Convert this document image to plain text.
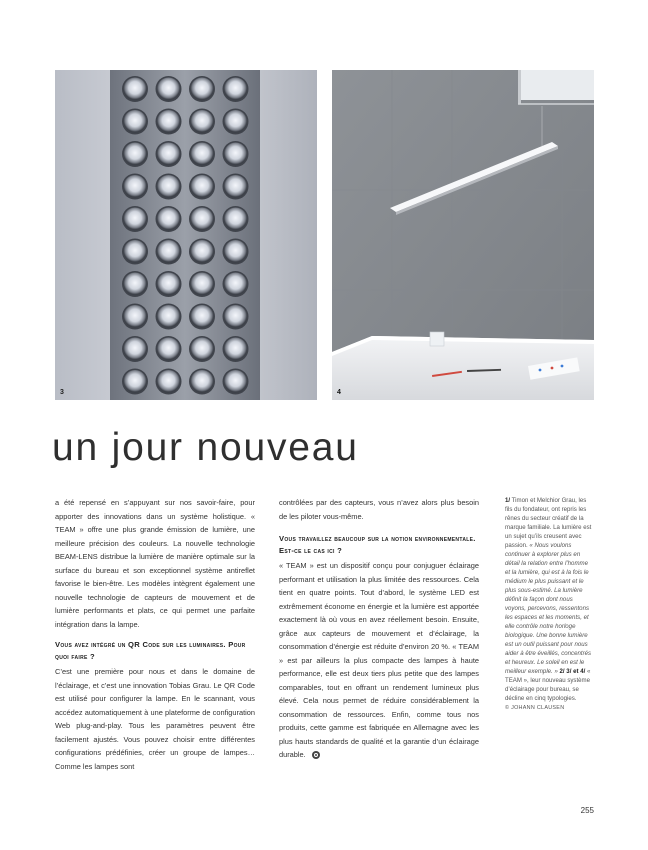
3	4
un jour nouveau

a été repensé en s’appuyant sur nos savoir-faire, pour apporter des innovations dans un système holistique. « TEAM » offre une plus grande émission de lumière, une meilleure précision des couleurs. La nouvelle technologie BEAM-LENS distribue la lumière de manière optimale sur la surface du bureau et son exceptionnel système antireflet favorise le bien-être. Les modèles intègrent également une nouvelle technologie de capteurs de mouvement et de lumière performants et plats, ce qui permet une parfaite intégration dans la lampe.

Vous avez intégré un QR Code sur les luminaires. Pour quoi faire ?

C’est une première pour nous et dans le domaine de l’éclairage, et c’est une innovation Tobias Grau. Le QR Code est utilisé pour configurer la lampe. En le scannant, vous accédez automatiquement à une plateforme de configuration Web plug-and-play. Tous les paramètres peuvent être facilement ajustés. Vous pouvez choisir entre différentes configurations prédéfinies, créer un groupe de lampes… Comme les lampes sont

contrôlées par des capteurs, vous n’avez alors plus besoin de les piloter vous-même.

Vous travaillez beaucoup sur la notion environnementale. Est-ce le cas ici ?

« TEAM » est un dispositif conçu pour conjuguer éclairage performant et utilisation la plus limitée des ressources. Cela tient en quatre points. Tout d’abord, le système LED est extrêmement économe en énergie et la lumière est apportée exactement là où vous en avez réellement besoin. Ensuite, grâce aux capteurs de mouvement et d’éclairage, la consommation d’énergie est réduite d’environ 20 %. « TEAM » est par ailleurs la plus compacte des lampes à haute performance, elle est deux tiers plus petite que des lampes comparables, tout en offrant un rendement lumineux plus élevé. Cela nous permet de réduire considérablement la consommation de ressources. Enfin, comme tous nos produits, cette gamme est fabriquée en Allemagne avec les plus hauts standards de qualité et la garantie d’un éclairage durable.

1/ Timon et Melchior Grau, les fils du fondateur, ont repris les rênes du secteur créatif de la marque familiale. La lumière est un sujet qu’ils creusent avec passion. « Nous voulons continuer à explorer plus en détail la relation entre l’homme et la lumière, qui est à la fois le médium le plus puissant et le plus sous-estimé. La lumière définit la façon dont nous voyons, percevons, ressentons les espaces et les moments, et elle contrôle notre horloge biologique. Une bonne lumière est un outil puissant pour nous aider à être éveillés, concentrés et heureux. Le soleil en est le meilleur exemple. » 2/ 3/ et 4/ « TEAM », leur nouveau système d’éclairage pour bureau, se décline en cinq typologies.

© JOHANN CLAUSEN
255
